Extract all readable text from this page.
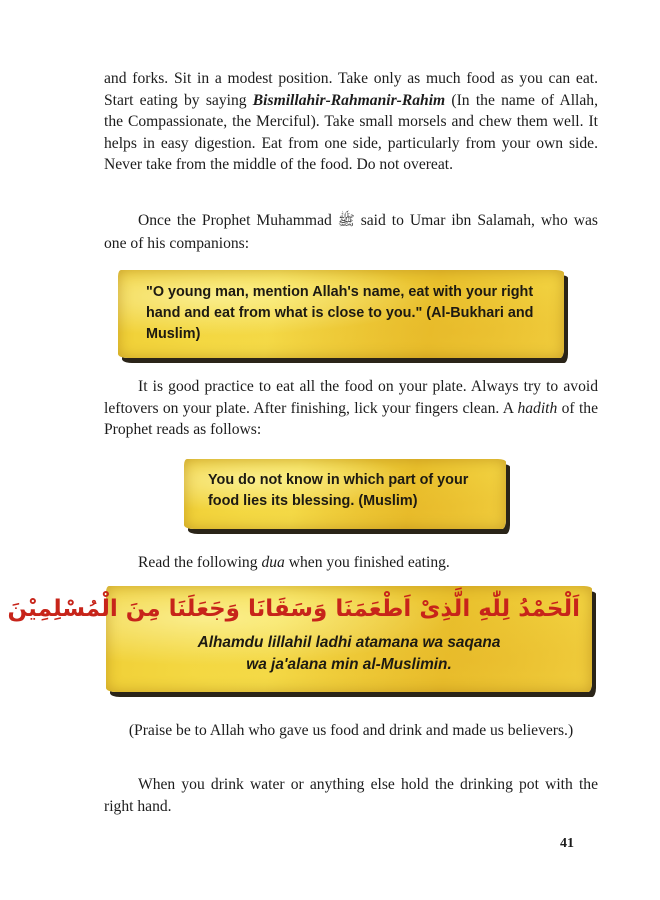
and forks. Sit in a modest position. Take only as much food as you can eat. Start eating by saying Bismillahir-Rahmanir-Rahim (In the name of Allah, the Compassionate, the Merciful). Take small morsels and chew them well. It helps in easy digestion. Eat from one side, particularly from your own side. Never take from the middle of the food. Do not overeat.

Once the Prophet Muhammad ﷺ said to Umar ibn Salamah, who was one of his companions:

"O young man, mention Allah's name, eat with your right hand and eat from what is close to you." (Al-Bukhari and Muslim)

It is good practice to eat all the food on your plate. Always try to avoid leftovers on your plate. After finishing, lick your fingers clean. A hadith of the Prophet reads as follows:

You do not know in which part of your food lies its blessing. (Muslim)

Read the following dua when you finished eating.

اَلْحَمْدُ لِلّٰهِ الَّذِىْ اَطْعَمَنَا وَسَقَانَا وَجَعَلَنَا مِنَ الْمُسْلِمِيْنَ

Alhamdu lillahil ladhi atamana wa saqana
wa ja'alana min al-Muslimin.

(Praise be to Allah who gave us food and drink and made us believers.)

When you drink water or anything else hold the drinking pot with the right hand.

41
